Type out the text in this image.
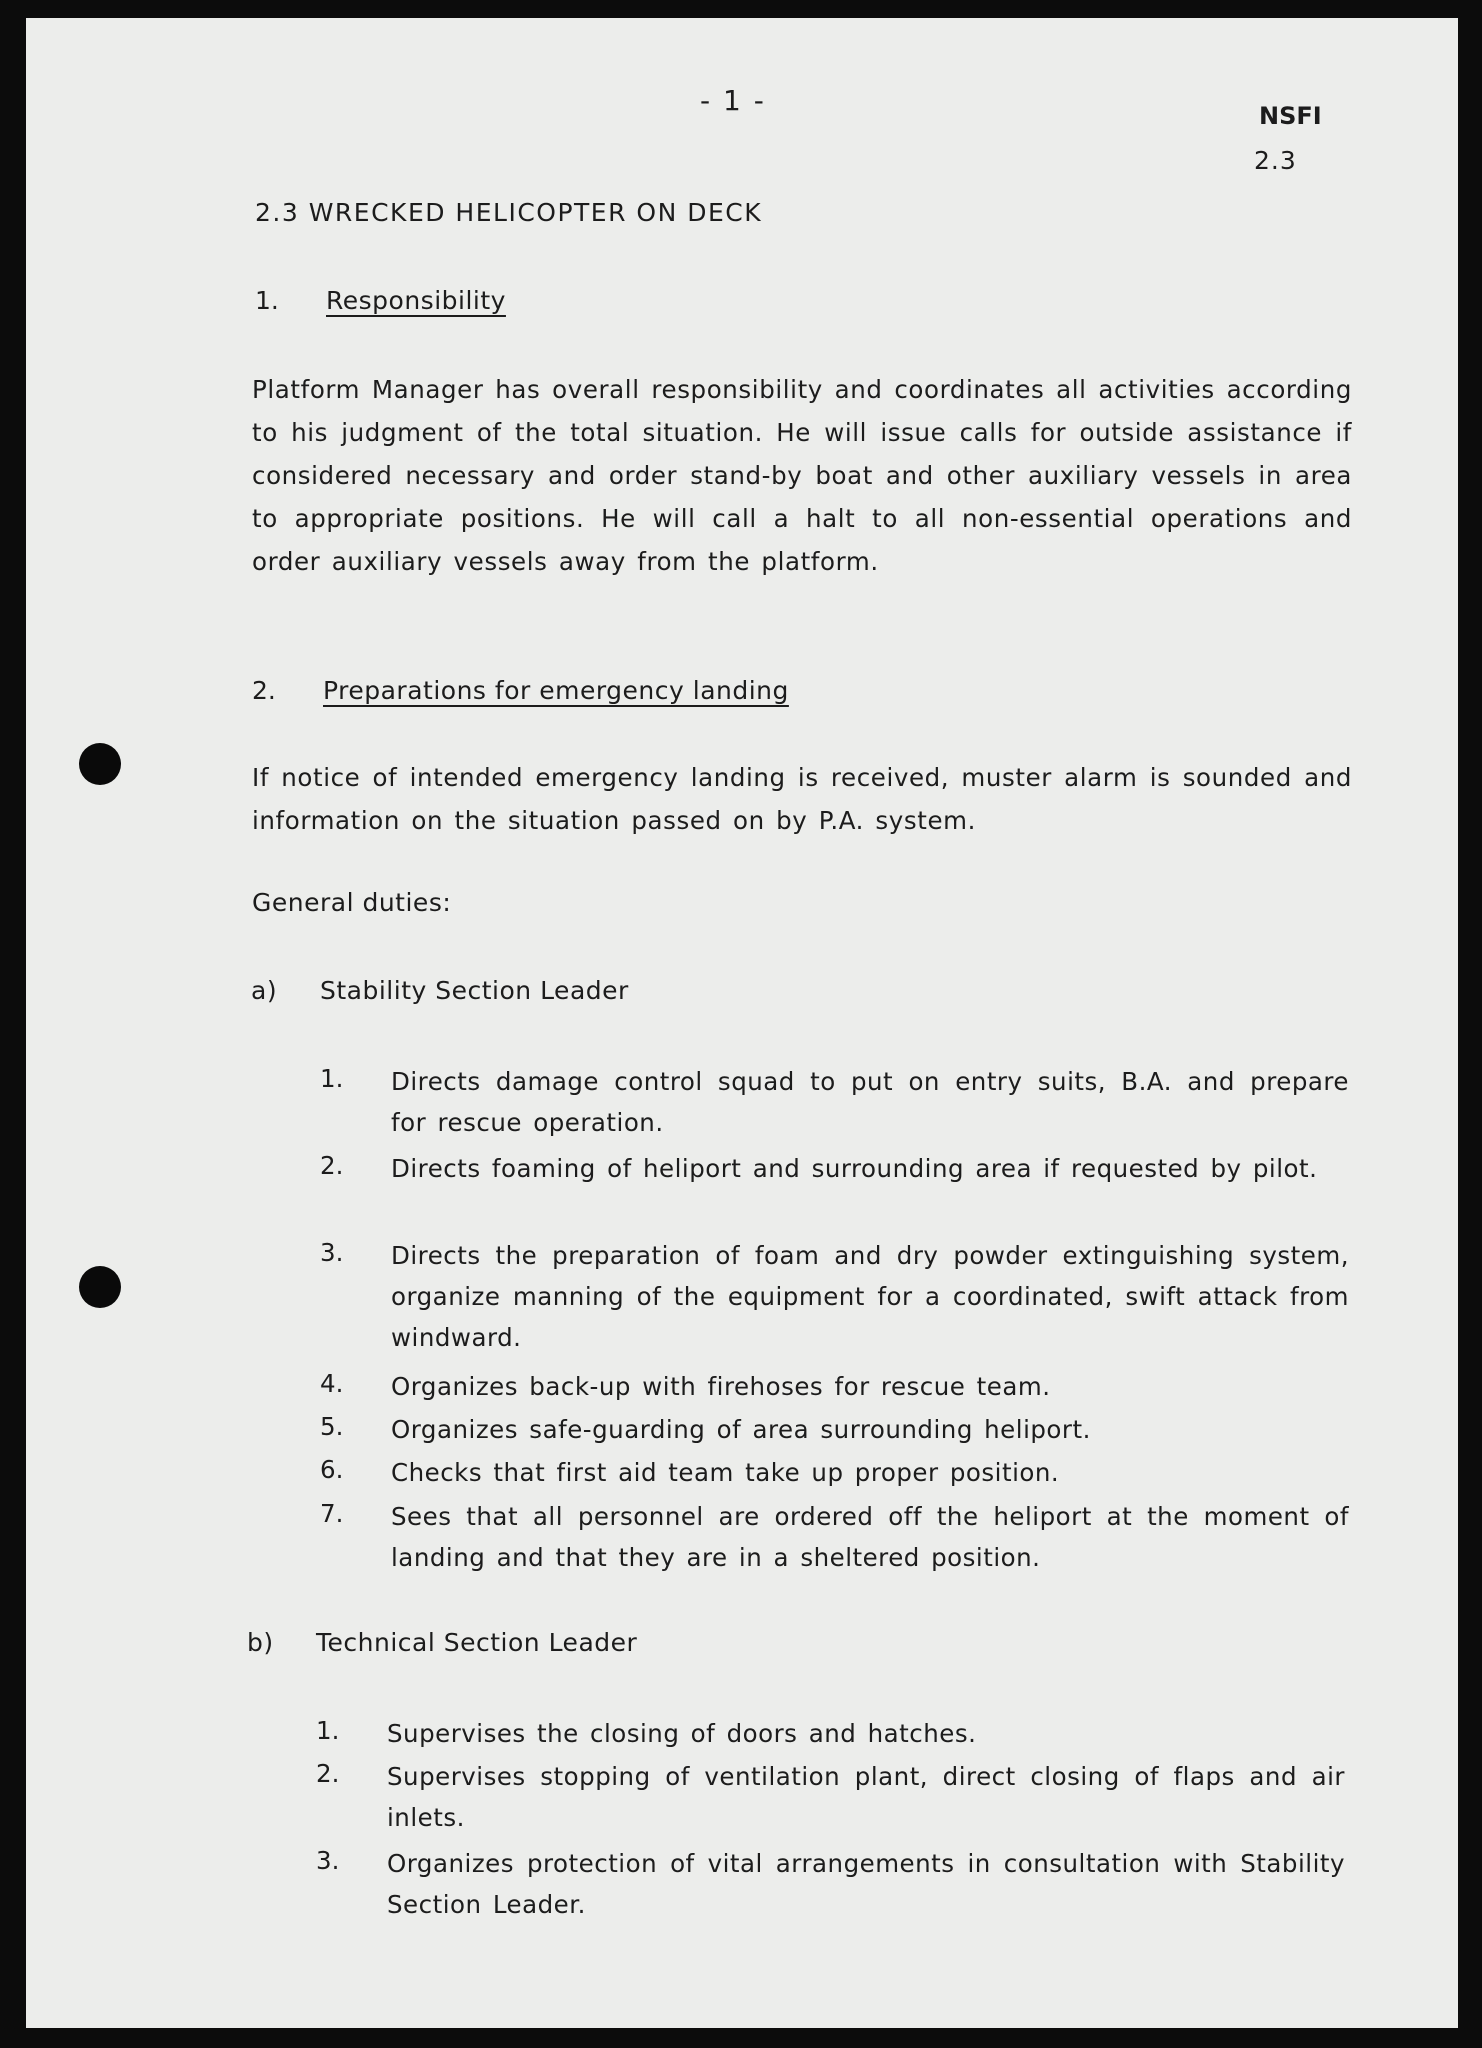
- 1 -	NSFI
2.3
2.3 WRECKED HELICOPTER ON DECK
1. Responsibility
Platform Manager has overall responsibility and coordinates all activities according to his judgment of the total situation. He will issue calls for outside assistance if considered necessary and order stand-by boat and other auxiliary vessels in area to appropriate positions. He will call a halt to all non-essential operations and order auxiliary vessels away from the platform.
2. Preparations for emergency landing
If notice of intended emergency landing is received, muster alarm is sounded and information on the situation passed on by P.A. system.
General duties:
a) Stability Section Leader
1. Directs damage control squad to put on entry suits, B.A. and prepare for rescue operation.
2. Directs foaming of heliport and surrounding area if requested by pilot.
3. Directs the preparation of foam and dry powder extinguishing system, organize manning of the equipment for a coordinated, swift attack from windward.
4. Organizes back-up with firehoses for rescue team.
5. Organizes safe-guarding of area surrounding heliport.
6. Checks that first aid team take up proper position.
7. Sees that all personnel are ordered off the heliport at the moment of landing and that they are in a sheltered position.
b) Technical Section Leader
1. Supervises the closing of doors and hatches.
2. Supervises stopping of ventilation plant, direct closing of flaps and air inlets.
3. Organizes protection of vital arrangements in consultation with Stability Section Leader.
